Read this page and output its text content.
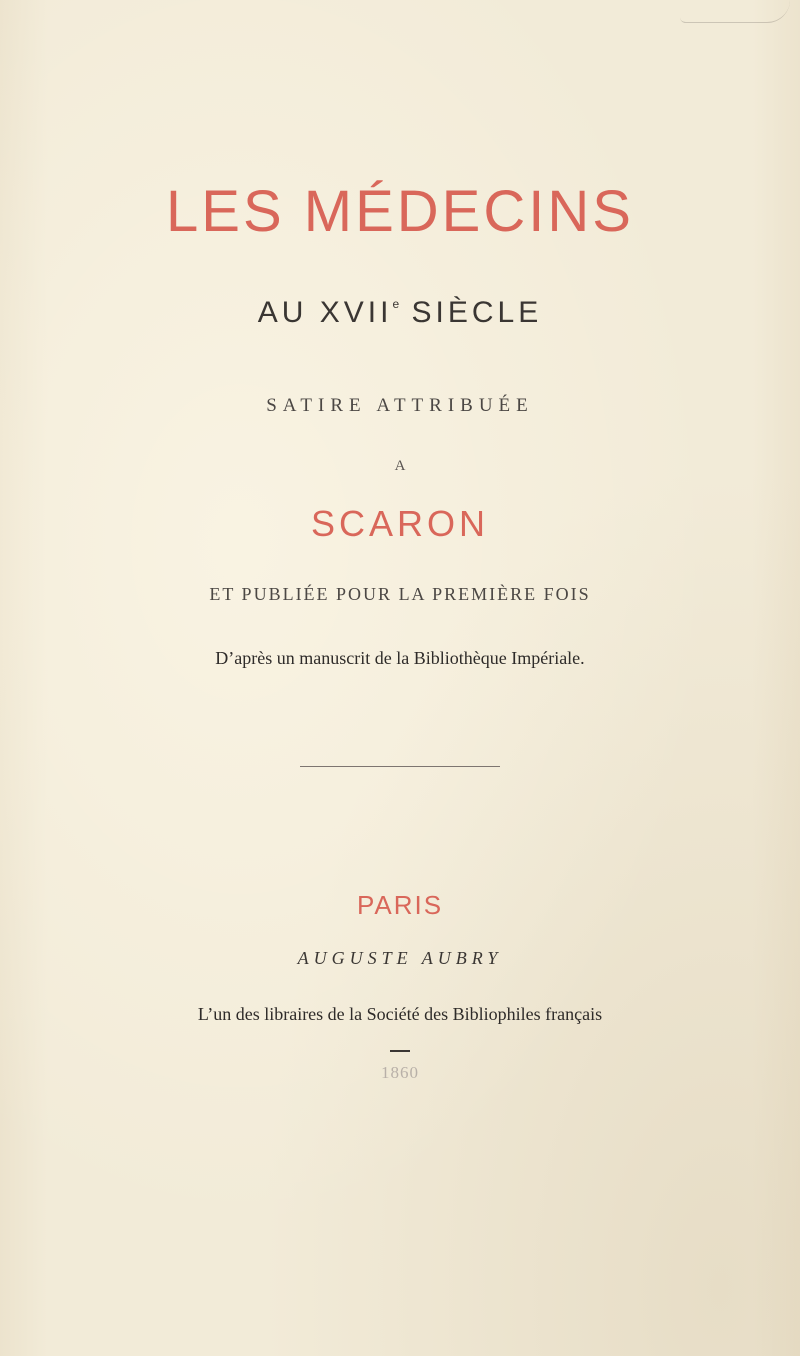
LES MÉDECINS
AU XVIIe SIÈCLE
SATIRE ATTRIBUÉE
A
SCARON
ET PUBLIÉE POUR LA PREMIÈRE FOIS
D’après un manuscrit de la Bibliothèque Impériale.
PARIS
AUGUSTE AUBRY
L’un des libraires de la Société des Bibliophiles français
1860
